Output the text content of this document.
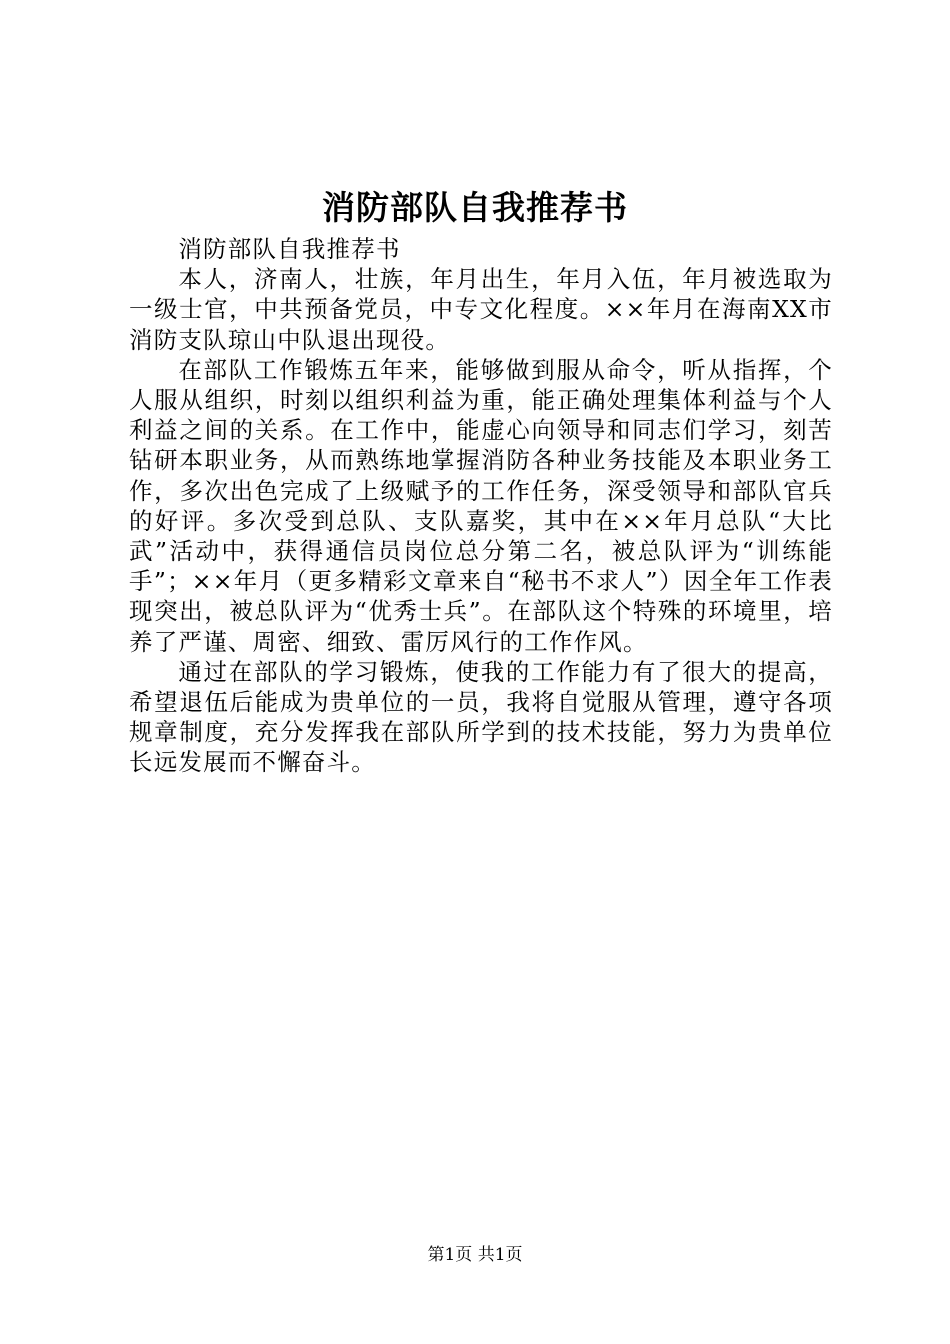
消防部队自我推荐书

消防部队自我推荐书

本人，济南人，壮族，年月出生，年月入伍，年月被选取为一级士官，中共预备党员，中专文化程度。××年月在海南XX市消防支队琼山中队退出现役。

在部队工作锻炼五年来，能够做到服从命令，听从指挥，个人服从组织，时刻以组织利益为重，能正确处理集体利益与个人利益之间的关系。在工作中，能虚心向领导和同志们学习，刻苦钻研本职业务，从而熟练地掌握消防各种业务技能及本职业务工作，多次出色完成了上级赋予的工作任务，深受领导和部队官兵的好评。多次受到总队、支队嘉奖，其中在××年月总队“大比武”活动中，获得通信员岗位总分第二名，被总队评为“训练能手”；××年月（更多精彩文章来自“秘书不求人”）因全年工作表现突出，被总队评为“优秀士兵”。在部队这个特殊的环境里，培养了严谨、周密、细致、雷厉风行的工作作风。

通过在部队的学习锻炼，使我的工作能力有了很大的提高，希望退伍后能成为贵单位的一员，我将自觉服从管理，遵守各项规章制度，充分发挥我在部队所学到的技术技能，努力为贵单位长远发展而不懈奋斗。

第1页 共1页
